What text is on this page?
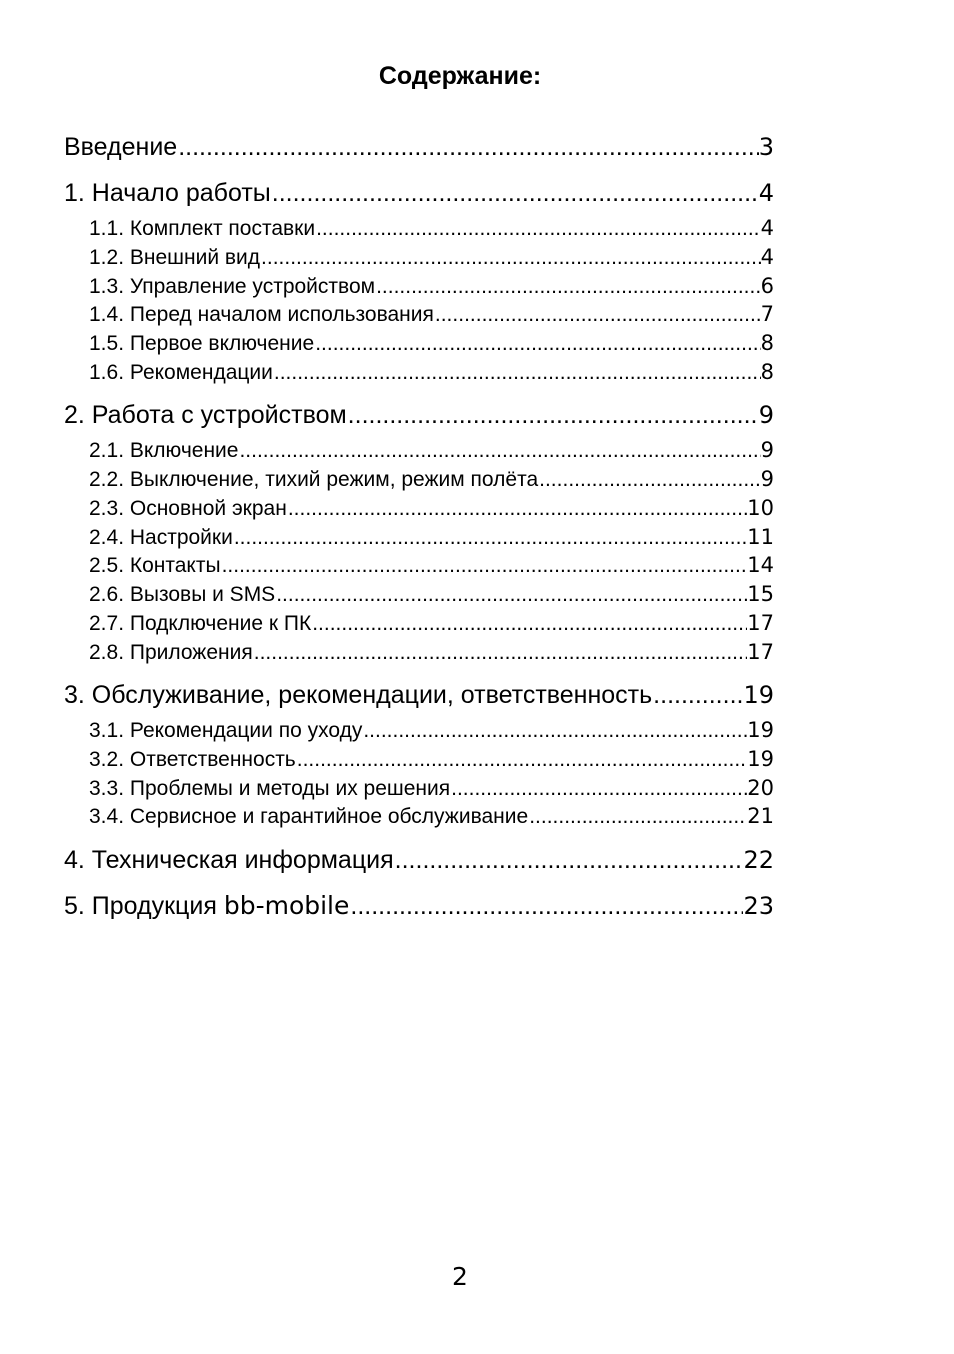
Содержание:
Введение .....	3
1. Начало работы .....	4
1.1. Комплект поставки .....	4
1.2. Внешний вид .....	4
1.3. Управление устройством .....	6
1.4. Перед началом использования .....	7
1.5. Первое включение .....	8
1.6. Рекомендации .....	8
2. Работа с устройством .....	9
2.1. Включение .....	9
2.2. Выключение, тихий режим, режим полёта .....	9
2.3. Основной экран .....	10
2.4. Настройки .....	11
2.5. Контакты .....	14
2.6. Вызовы и SMS .....	15
2.7. Подключение к ПК .....	17
2.8. Приложения .....	17
3. Обслуживание, рекомендации, ответственность .....	19
3.1. Рекомендации по уходу .....	19
3.2. Ответственность .....	19
3.3. Проблемы и методы их решения .....	20
3.4. Сервисное и гарантийное обслуживание .....	21
4. Техническая информация .....	22
5. Продукция bb-mobile .....	23
2
